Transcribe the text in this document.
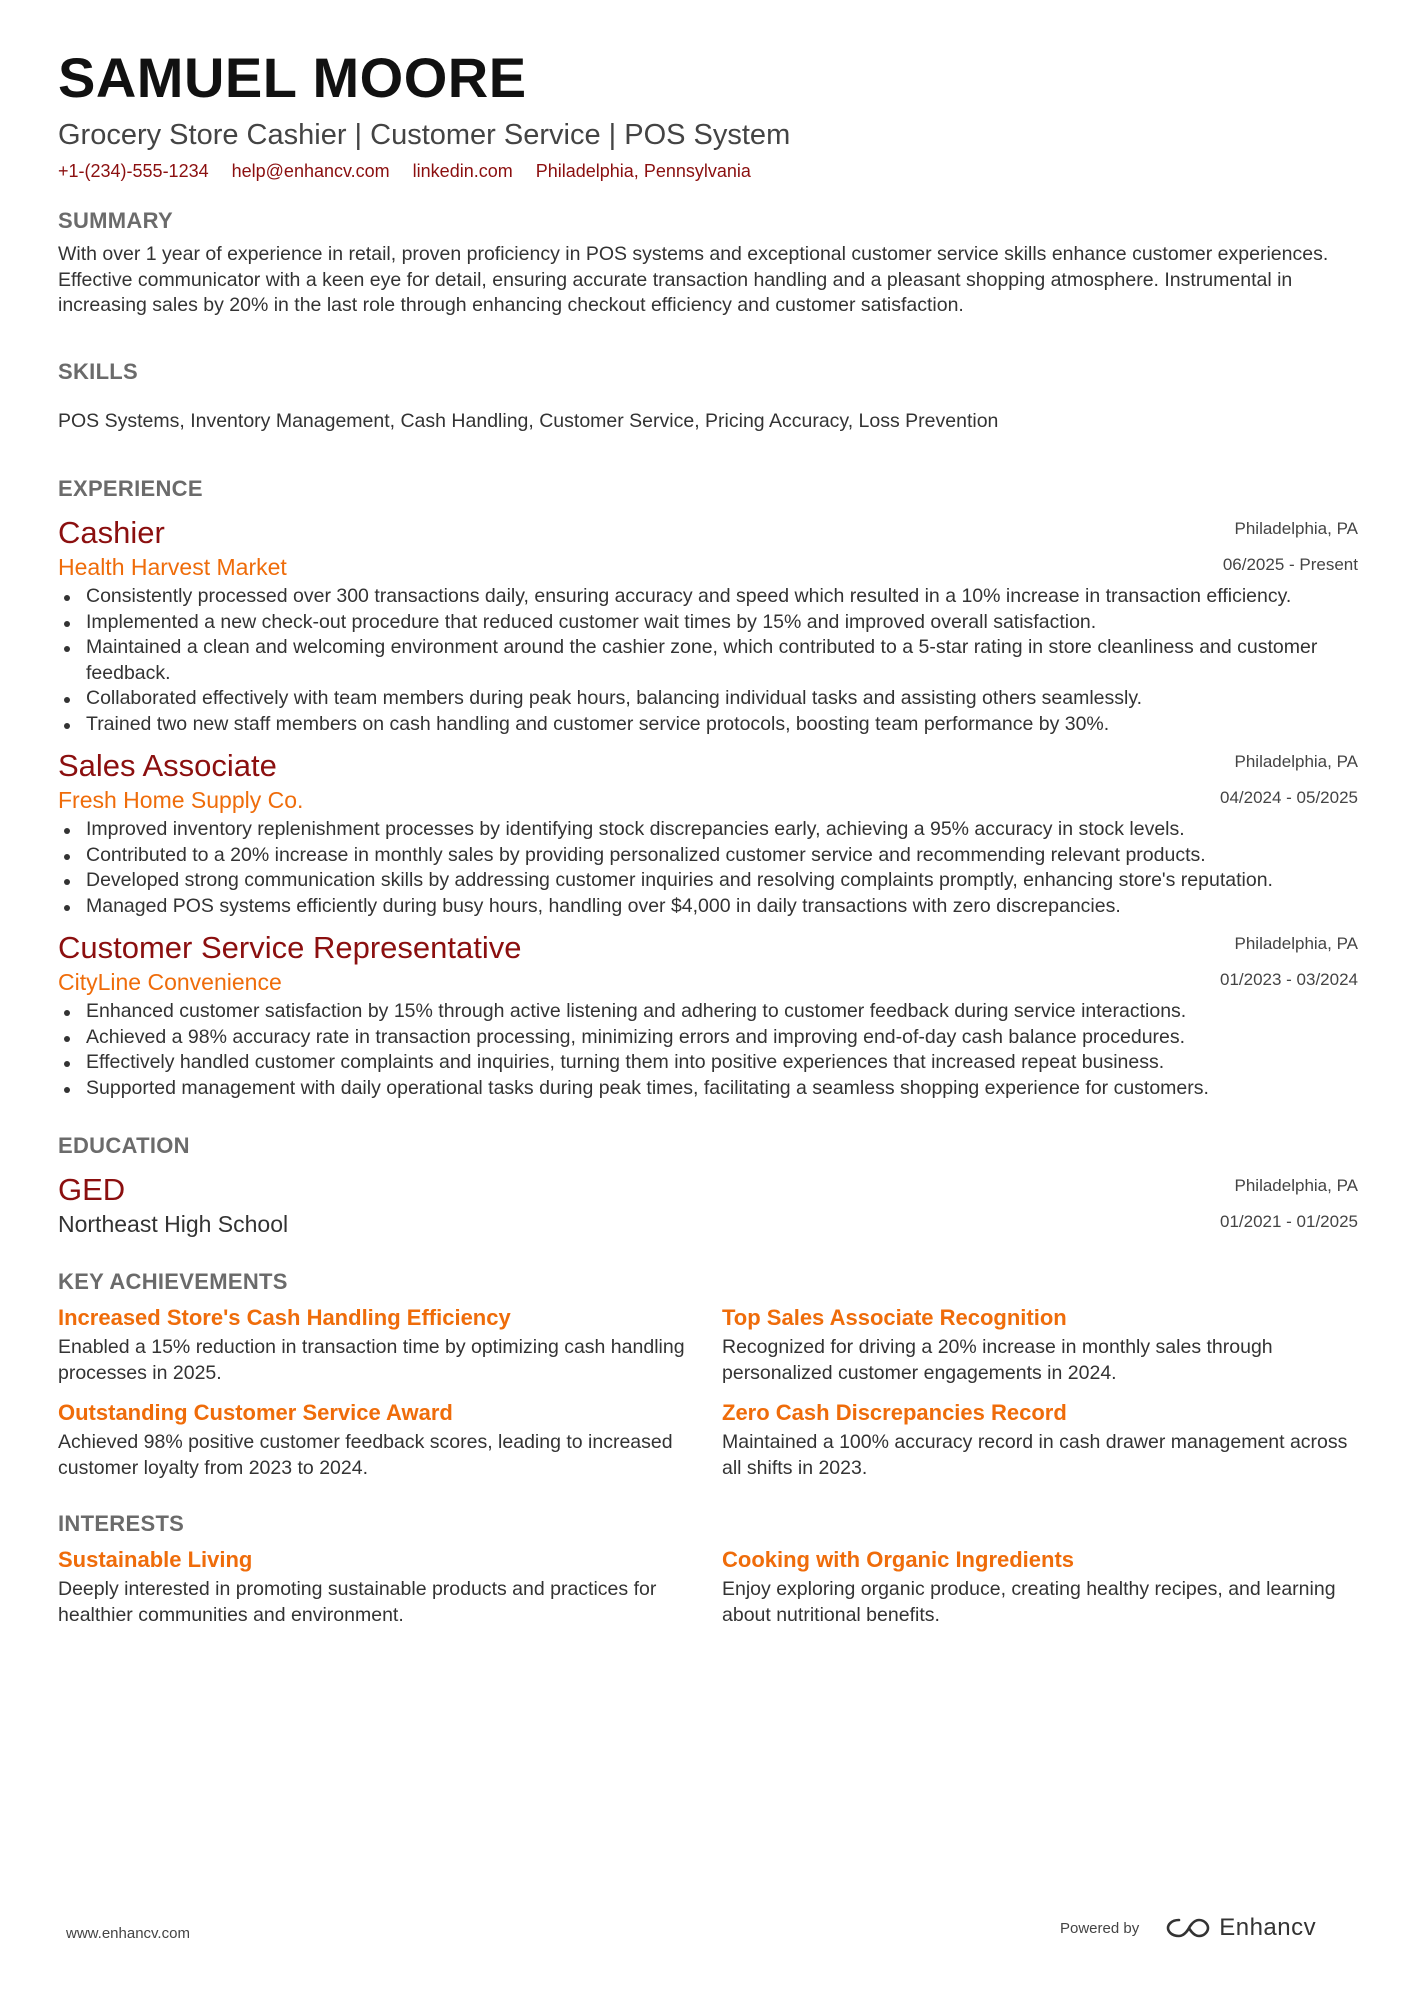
SAMUEL MOORE
Grocery Store Cashier | Customer Service | POS System
+1-(234)-555-1234 help@enhancv.com linkedin.com Philadelphia, Pennsylvania
SUMMARY
With over 1 year of experience in retail, proven proficiency in POS systems and exceptional customer service skills enhance customer experiences. Effective communicator with a keen eye for detail, ensuring accurate transaction handling and a pleasant shopping atmosphere. Instrumental in increasing sales by 20% in the last role through enhancing checkout efficiency and customer satisfaction.
SKILLS
POS Systems, Inventory Management, Cash Handling, Customer Service, Pricing Accuracy, Loss Prevention
EXPERIENCE
Cashier
Health Harvest Market
Philadelphia, PA
06/2025 - Present
Consistently processed over 300 transactions daily, ensuring accuracy and speed which resulted in a 10% increase in transaction efficiency.
Implemented a new check-out procedure that reduced customer wait times by 15% and improved overall satisfaction.
Maintained a clean and welcoming environment around the cashier zone, which contributed to a 5-star rating in store cleanliness and customer feedback.
Collaborated effectively with team members during peak hours, balancing individual tasks and assisting others seamlessly.
Trained two new staff members on cash handling and customer service protocols, boosting team performance by 30%.
Sales Associate
Fresh Home Supply Co.
Philadelphia, PA
04/2024 - 05/2025
Improved inventory replenishment processes by identifying stock discrepancies early, achieving a 95% accuracy in stock levels.
Contributed to a 20% increase in monthly sales by providing personalized customer service and recommending relevant products.
Developed strong communication skills by addressing customer inquiries and resolving complaints promptly, enhancing store's reputation.
Managed POS systems efficiently during busy hours, handling over $4,000 in daily transactions with zero discrepancies.
Customer Service Representative
CityLine Convenience
Philadelphia, PA
01/2023 - 03/2024
Enhanced customer satisfaction by 15% through active listening and adhering to customer feedback during service interactions.
Achieved a 98% accuracy rate in transaction processing, minimizing errors and improving end-of-day cash balance procedures.
Effectively handled customer complaints and inquiries, turning them into positive experiences that increased repeat business.
Supported management with daily operational tasks during peak times, facilitating a seamless shopping experience for customers.
EDUCATION
GED
Northeast High School
Philadelphia, PA
01/2021 - 01/2025
KEY ACHIEVEMENTS
Increased Store's Cash Handling Efficiency
Enabled a 15% reduction in transaction time by optimizing cash handling processes in 2025.
Top Sales Associate Recognition
Recognized for driving a 20% increase in monthly sales through personalized customer engagements in 2024.
Outstanding Customer Service Award
Achieved 98% positive customer feedback scores, leading to increased customer loyalty from 2023 to 2024.
Zero Cash Discrepancies Record
Maintained a 100% accuracy record in cash drawer management across all shifts in 2023.
INTERESTS
Sustainable Living
Deeply interested in promoting sustainable products and practices for healthier communities and environment.
Cooking with Organic Ingredients
Enjoy exploring organic produce, creating healthy recipes, and learning about nutritional benefits.
www.enhancv.com	Powered by	Enhancv
